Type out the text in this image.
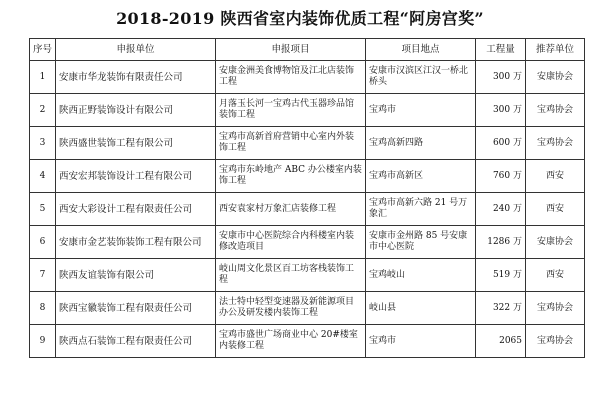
2018-2019 陕西省室内装饰优质工程“阿房宫奖”
序号	申报单位	申报项目	项目地点	工程量	推荐单位
1	安康市华龙装饰有限责任公司	安康金洲美食博物馆及江北店装饰工程	安康市汉滨区江汉一桥北桥头	300 万	安康协会
2	陕西正野装饰设计有限公司	月落玉长河一宝鸡古代玉器珍品馆装饰工程	宝鸡市	300 万	宝鸡协会
3	陕西盛世装饰工程有限公司	宝鸡市高新首府营销中心室内外装饰工程	宝鸡高新四路	600 万	宝鸡协会
4	西安宏邦装饰设计工程有限公司	宝鸡市东岭地产 ABC 办公楼室内装饰工程	宝鸡市高新区	760 万	西安
5	西安大彩设计工程有限责任公司	西安袁家村万象汇店装修工程	宝鸡市高新六路 21 号万象汇	240 万	西安
6	安康市金艺装饰装饰工程有限公司	安康市中心医院综合内科楼室内装修改造项目	安康市金州路 85 号安康市中心医院	1286 万	安康协会
7	陕西友谊装饰有限公司	岐山周文化景区百工坊客栈装饰工程	宝鸡岐山	519 万	西安
8	陕西宝徽装饰工程有限责任公司	法士特中轻型变速器及新能源项目办公及研发楼内装饰工程	岐山县	322 万	宝鸡协会
9	陕西点石装饰工程有限责任公司	宝鸡市盛世广场商业中心 20#楼室内装修工程	宝鸡市	2065	宝鸡协会
